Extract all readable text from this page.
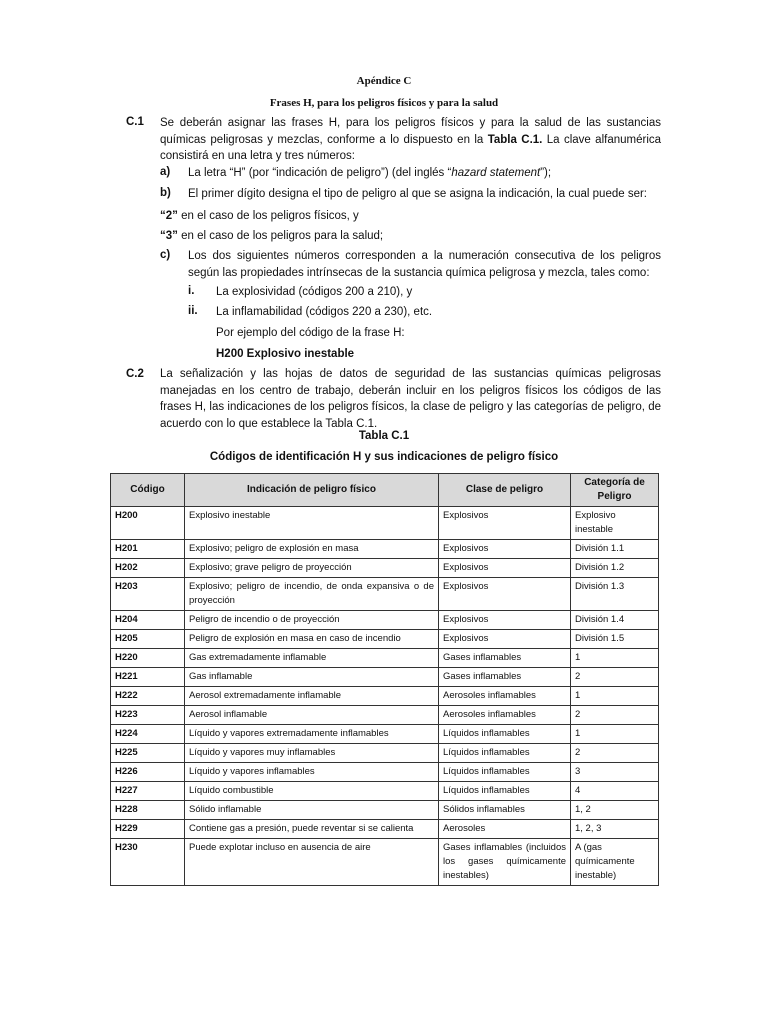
Apéndice C
Frases H, para los peligros físicos y para la salud
C.1 Se deberán asignar las frases H, para los peligros físicos y para la salud de las sustancias químicas peligrosas y mezclas, conforme a lo dispuesto en la Tabla C.1. La clave alfanumérica consistirá en una letra y tres números:
a) La letra “H” (por “indicación de peligro”) (del inglés “hazard statement”);
b) El primer dígito designa el tipo de peligro al que se asigna la indicación, la cual puede ser:
“2” en el caso de los peligros físicos, y
“3” en el caso de los peligros para la salud;
c) Los dos siguientes números corresponden a la numeración consecutiva de los peligros según las propiedades intrínsecas de la sustancia química peligrosa y mezcla, tales como:
i. La explosividad (códigos 200 a 210), y
ii. La inflamabilidad (códigos 220 a 230), etc.
Por ejemplo del código de la frase H:
H200 Explosivo inestable
C.2 La señalización y las hojas de datos de seguridad de las sustancias químicas peligrosas manejadas en los centro de trabajo, deberán incluir en los peligros físicos los códigos de las frases H, las indicaciones de los peligros físicos, la clase de peligro y las categorías de peligro, de acuerdo con lo que establece la Tabla C.1.
Tabla C.1
Códigos de identificación H y sus indicaciones de peligro físico
Código	Indicación de peligro físico	Clase de peligro	Categoría de Peligro
H200	Explosivo inestable	Explosivos	Explosivo inestable
H201	Explosivo; peligro de explosión en masa	Explosivos	División 1.1
H202	Explosivo; grave peligro de proyección	Explosivos	División 1.2
H203	Explosivo; peligro de incendio, de onda expansiva o de proyección	Explosivos	División 1.3
H204	Peligro de incendio o de proyección	Explosivos	División 1.4
H205	Peligro de explosión en masa en caso de incendio	Explosivos	División 1.5
H220	Gas extremadamente inflamable	Gases inflamables	1
H221	Gas inflamable	Gases inflamables	2
H222	Aerosol extremadamente inflamable	Aerosoles inflamables	1
H223	Aerosol inflamable	Aerosoles inflamables	2
H224	Líquido y vapores extremadamente inflamables	Líquidos inflamables	1
H225	Líquido y vapores muy inflamables	Líquidos inflamables	2
H226	Líquido y vapores inflamables	Líquidos inflamables	3
H227	Líquido combustible	Líquidos inflamables	4
H228	Sólido inflamable	Sólidos inflamables	1, 2
H229	Contiene gas a presión, puede reventar si se calienta	Aerosoles	1, 2, 3
H230	Puede explotar incluso en ausencia de aire	Gases inflamables (incluidos los gases químicamente inestables)	A (gas químicamente inestable)
